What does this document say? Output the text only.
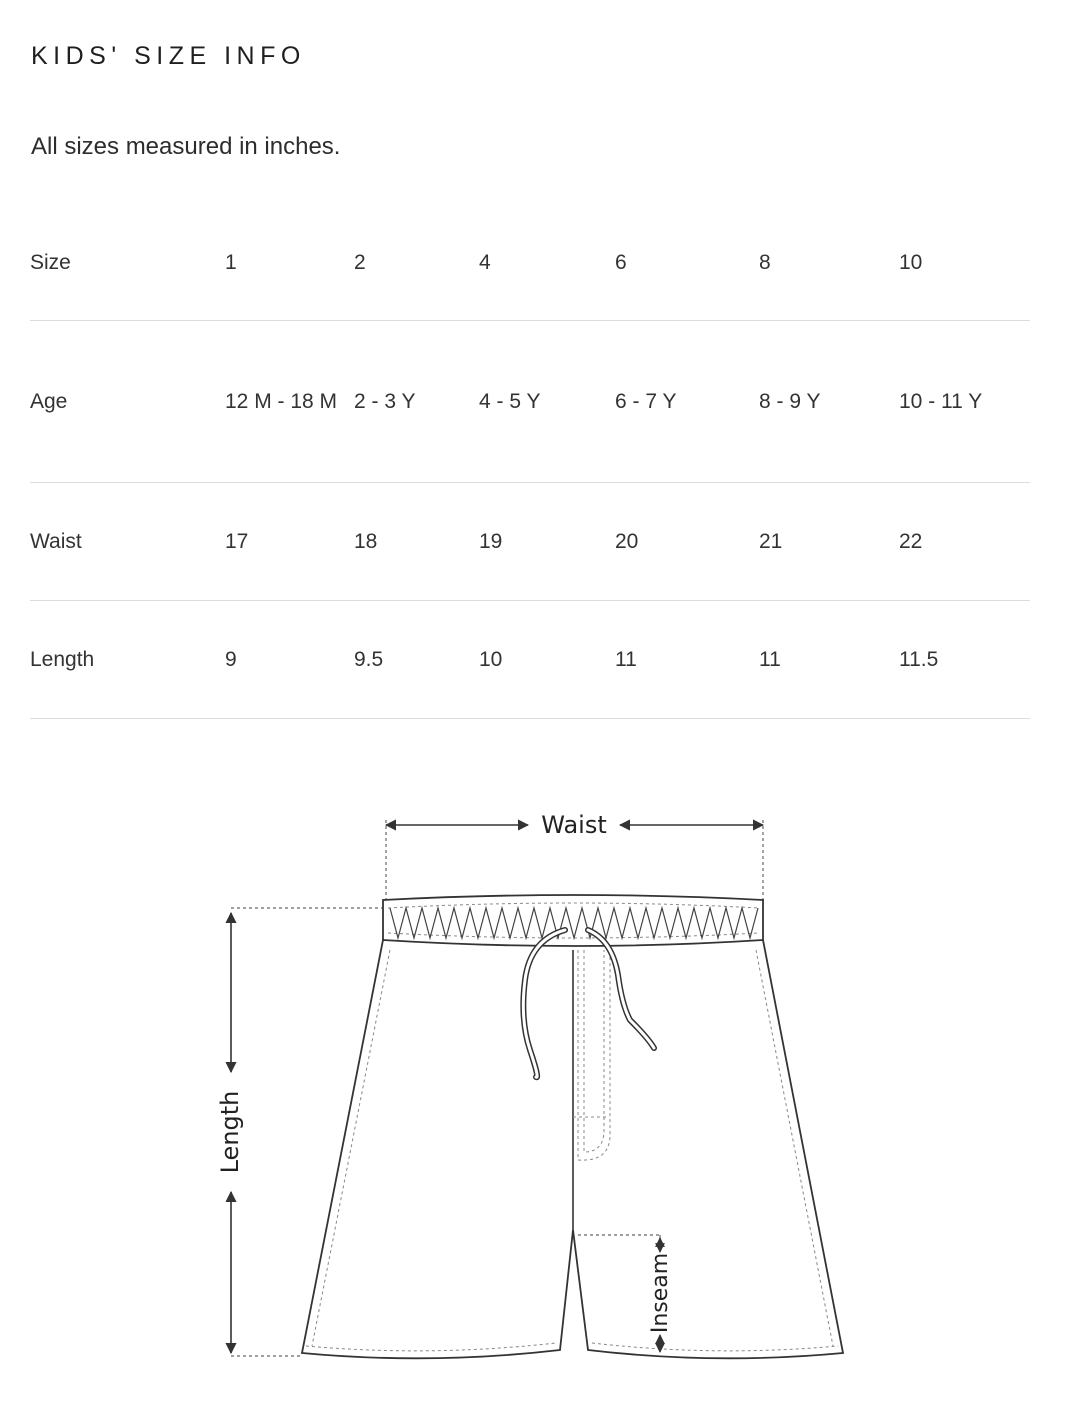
KIDS' SIZE INFO
All sizes measured in inches.
Size	1	2	4	6	8	10
Age	12 M - 18 M	2 - 3 Y	4 - 5 Y	6 - 7 Y	8 - 9 Y	10 - 11 Y
Waist	17	18	19	20	21	22
Length	9	9.5	10	11	11	11.5
Waist
Length
Inseam
